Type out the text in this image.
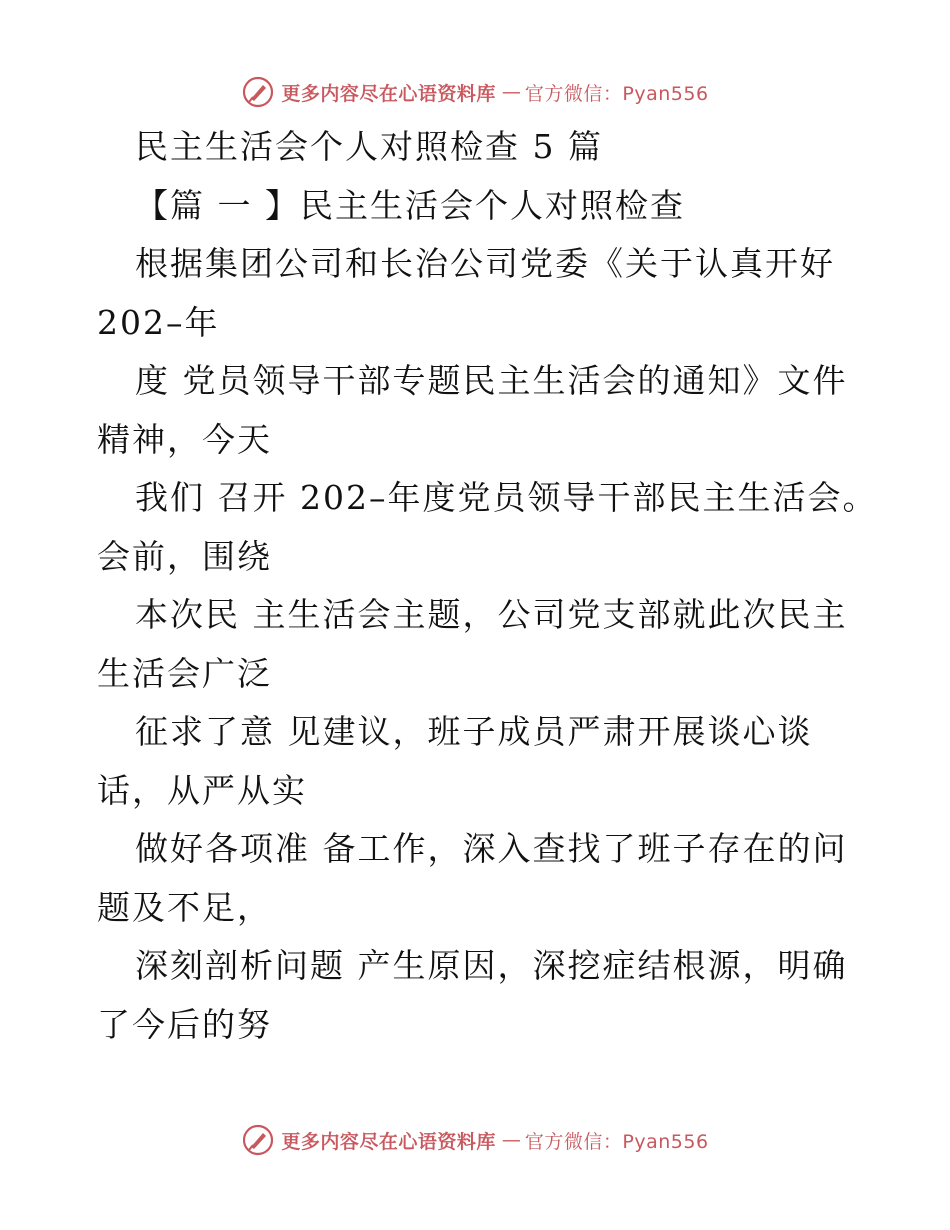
更多内容尽在心语资料库 — 官方微信：Pyan556
民主生活会个人对照检查 5 篇
【篇 一 】民主生活会个人对照检查
根据集团公司和长治公司党委《关于认真开好
202–年
度 党员领导干部专题民主生活会的通知》文件
精神，今天
我们 召开 202–年度党员领导干部民主生活会。
会前，围绕
本次民 主生活会主题，公司党支部就此次民主
生活会广泛
征求了意 见建议，班子成员严肃开展谈心谈
话，从严从实
做好各项准 备工作，深入查找了班子存在的问
题及不足，
深刻剖析问题 产生原因，深挖症结根源，明确
了今后的努
更多内容尽在心语资料库 — 官方微信：Pyan556
